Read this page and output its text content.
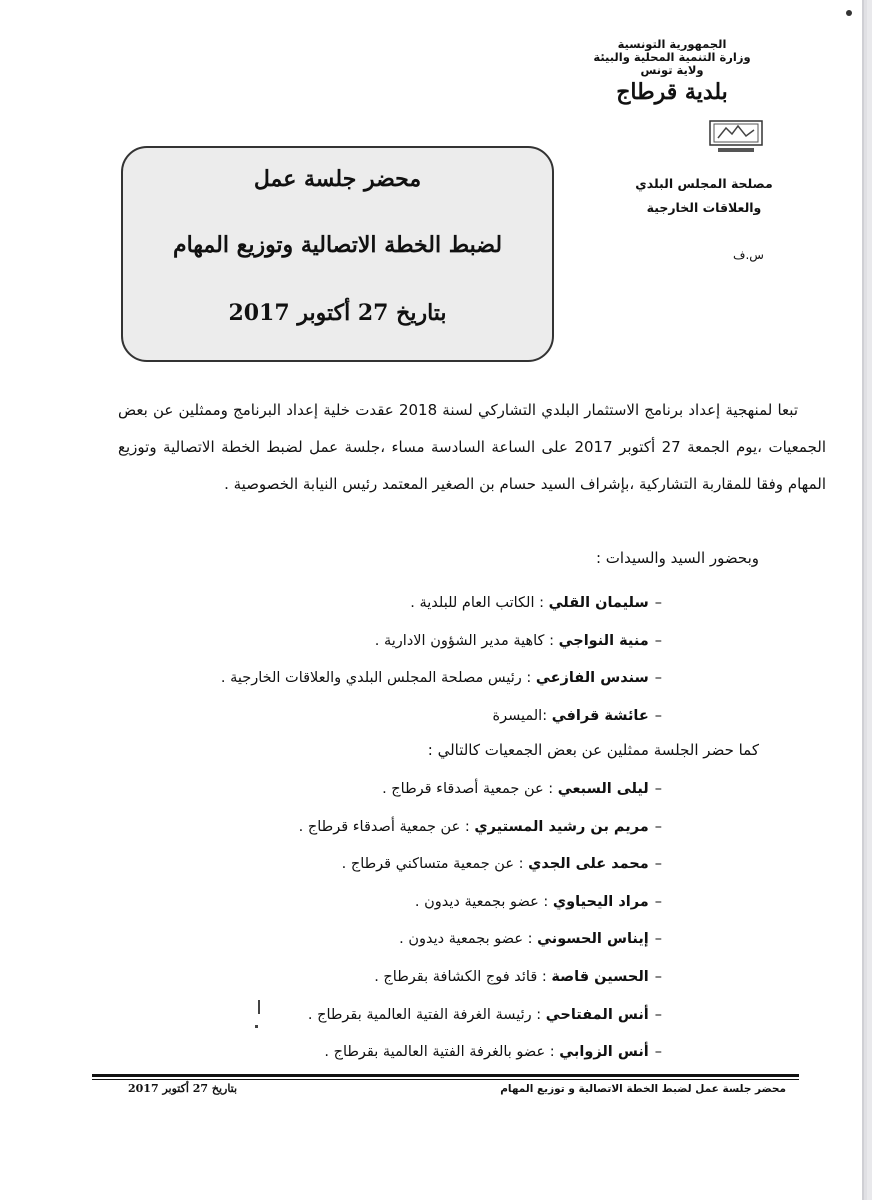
الجمهورية التونسية
وزارة التنمية المحلية والبيئة
ولاية تونس
بلدية قرطاج
مصلحة المجلس البلدي
والعلاقات الخارجية
س.ف
محضر جلسة عمل
لضبط الخطة الاتصالية وتوزيع المهام
بتاريخ 27 أكتوبر 2017
تبعا لمنهجية إعداد برنامج الاستثمار البلدي التشاركي لسنة 2018 عقدت خلية إعداد البرنامج وممثلين عن بعض الجمعيات ،يوم الجمعة 27 أكتوبر 2017 على الساعة السادسة مساء ،جلسة عمل لضبط الخطة الاتصالية وتوزيع المهام وفقا للمقاربة التشاركية ،بإشراف السيد حسام بن الصغير المعتمد رئيس النيابة الخصوصية .
وبحضور السيد والسيدات :
–سليمان القلي : الكاتب العام للبلدية .
–منية النواجي : كاهية مدير الشؤون الادارية .
–سندس الفازعي : رئيس مصلحة المجلس البلدي والعلاقات الخارجية .
–عائشة قرافي :الميسرة
كما حضر الجلسة ممثلين عن بعض الجمعيات كالتالي :
–ليلى السبعي : عن جمعية أصدقاء قرطاج .
–مريم بن رشيد المستيري : عن جمعية أصدقاء قرطاج .
–محمد على الجدي : عن جمعية متساكني قرطاج .
–مراد اليحياوي : عضو بجمعية ديدون .
–إيناس الحسوني : عضو بجمعية ديدون .
–الحسين قاصة : قائد فوج الكشافة بقرطاج .
–أنس المفتاحي : رئيسة الغرفة الفتية العالمية بقرطاج .
–أنس الزوابي : عضو بالغرفة الفتية العالمية بقرطاج .
بتاريخ 27 أكتوبر 2017	محضر جلسة عمل لضبط الخطة الاتصالية و توزيع المهام
